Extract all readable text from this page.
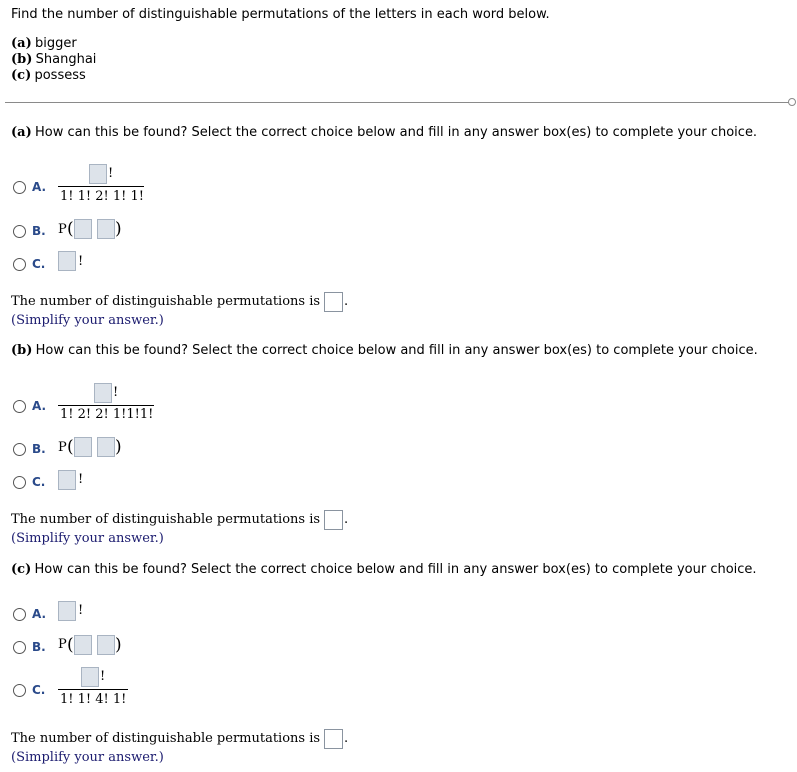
Find the number of distinguishable permutations of the letters in each word below.
(a) bigger
(b) Shanghai
(c) possess
(a) How can this be found? Select the correct choice below and fill in any answer box(es) to complete your choice.
A.
!
1! 1! 2! 1! 1!
B. P ( )
C.	!
The number of distinguishable permutations is .
(Simplify your answer.)
(b) How can this be found? Select the correct choice below and fill in any answer box(es) to complete your choice.
A.
!
1! 2! 2! 1!1!1!
B. P ( )
C.	!
The number of distinguishable permutations is .
(Simplify your answer.)
(c) How can this be found? Select the correct choice below and fill in any answer box(es) to complete your choice.
A. !
B. P ( )
C.
!
1! 1! 4! 1!
The number of distinguishable permutations is .
(Simplify your answer.)
